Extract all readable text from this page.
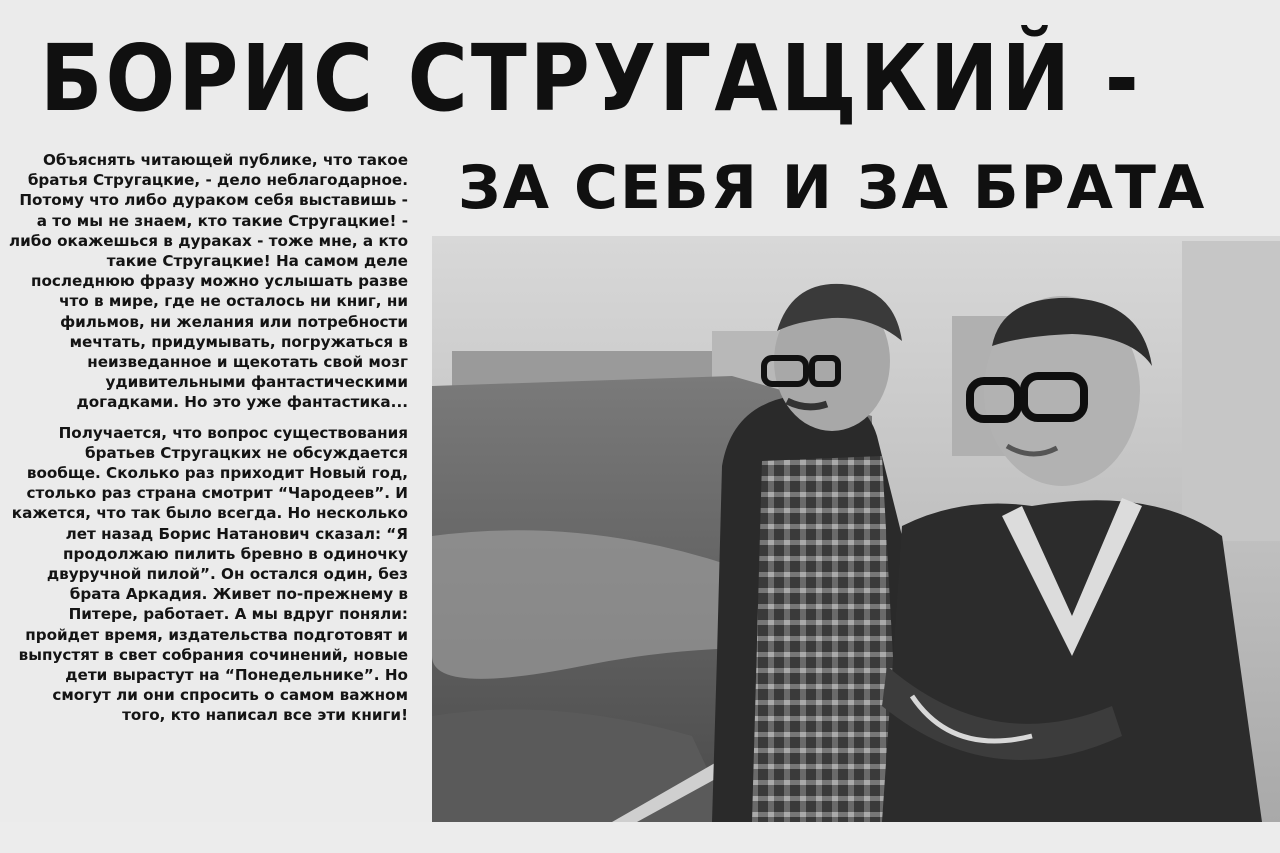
БОРИС СТРУГАЦКИЙ -
ЗА СЕБЯ И ЗА БРАТА

Объяснять читающей публике, что такое братья Стругацкие, - дело неблагодарное. Потому что либо дураком себя выставишь - а то мы не знаем, кто такие Стругацкие! - либо окажешься в дураках - тоже мне, а кто такие Стругацкие! На самом деле последнюю фразу можно услышать разве что в мире, где не осталось ни книг, ни фильмов, ни желания или потребности мечтать, придумывать, погружаться в неизведанное и щекотать свой мозг удивительными фантастическими догадками. Но это уже фантастика...

Получается, что вопрос существования братьев Стругацких не обсуждается вообще. Сколько раз приходит Новый год, столько раз страна смотрит “Чародеев”. И кажется, что так было всегда. Но несколько лет назад Борис Натанович сказал: “Я продолжаю пилить бревно в одиночку двуручной пилой”. Он остался один, без брата Аркадия. Живет по-прежнему в Питере, работает. А мы вдруг поняли: пройдет время, издательства подготовят и выпустят в свет собрания сочинений, новые дети вырастут на “Понедельнике”. Но смогут ли они спросить о самом важном того, кто написал все эти книги!
